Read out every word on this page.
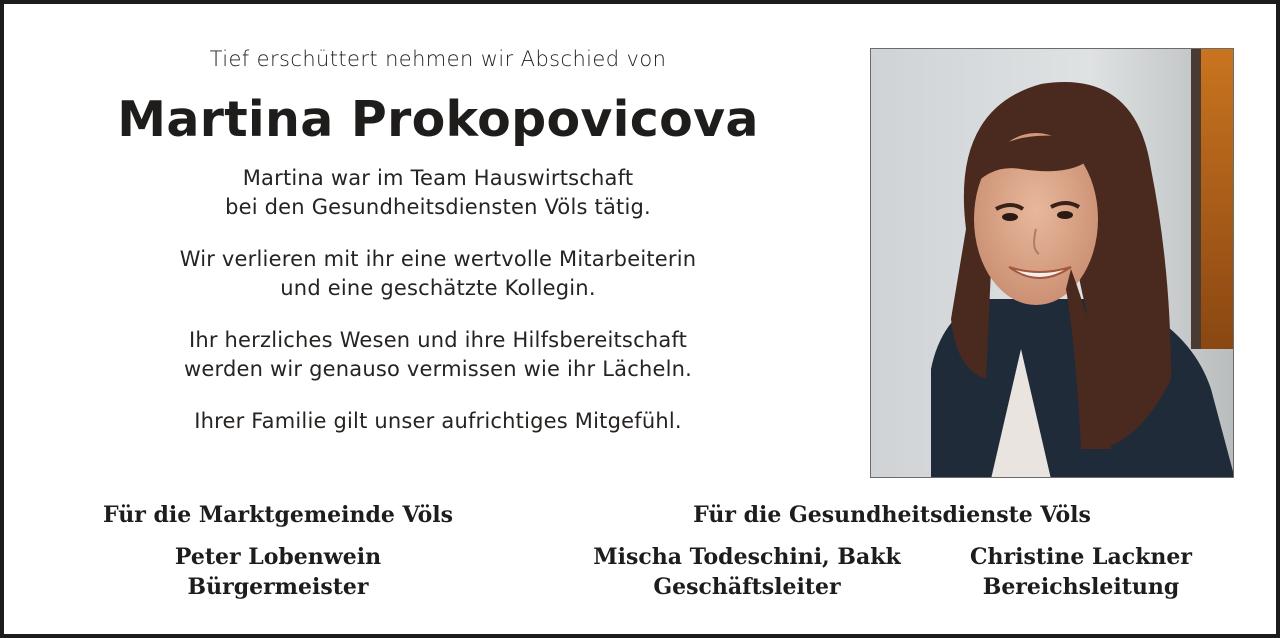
Tief erschüttert nehmen wir Abschied von

Martina Prokopovicova

Martina war im Team Hauswirtschaft

bei den Gesundheitsdiensten Völs tätig.

Wir verlieren mit ihr eine wertvolle Mitarbeiterin

und eine geschätzte Kollegin.

Ihr herzliches Wesen und ihre Hilfsbereitschaft

werden wir genauso vermissen wie ihr Lächeln.

Ihrer Familie gilt unser aufrichtiges Mitgefühl.

Für die Marktgemeinde Völs
Peter Lobenwein
Bürgermeister
Für die Gesundheitsdienste Völs
Mischa Todeschini, Bakk
Geschäftsleiter
Christine Lackner
Bereichsleitung
